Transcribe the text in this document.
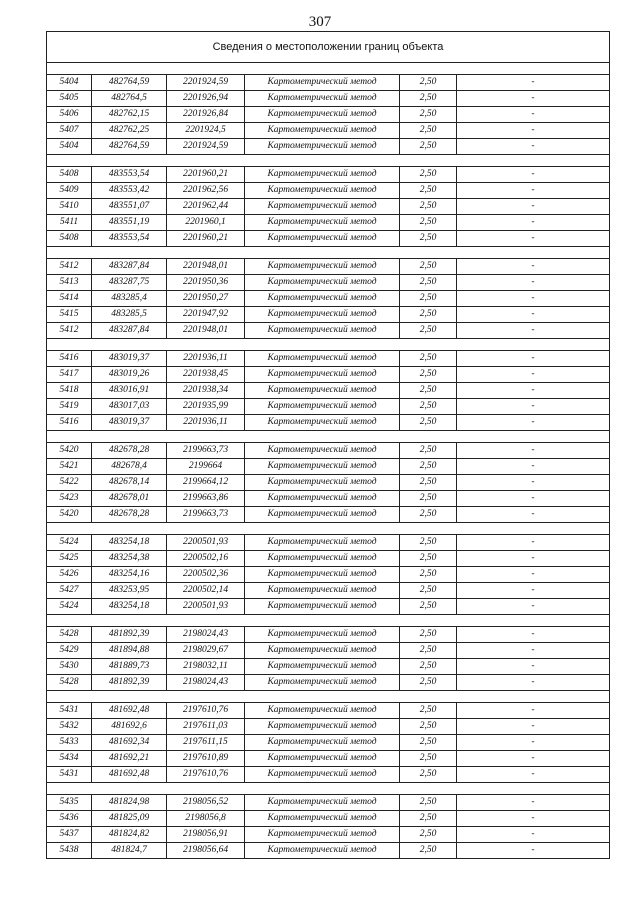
307
Сведения о местоположении границ объекта
5404	482764,59	2201924,59	Картометрический метод	2,50	-
5405	482764,5	2201926,94	Картометрический метод	2,50	-
5406	482762,15	2201926,84	Картометрический метод	2,50	-
5407	482762,25	2201924,5	Картометрический метод	2,50	-
5404	482764,59	2201924,59	Картометрический метод	2,50	-
5408	483553,54	2201960,21	Картометрический метод	2,50	-
5409	483553,42	2201962,56	Картометрический метод	2,50	-
5410	483551,07	2201962,44	Картометрический метод	2,50	-
5411	483551,19	2201960,1	Картометрический метод	2,50	-
5408	483553,54	2201960,21	Картометрический метод	2,50	-
5412	483287,84	2201948,01	Картометрический метод	2,50	-
5413	483287,75	2201950,36	Картометрический метод	2,50	-
5414	483285,4	2201950,27	Картометрический метод	2,50	-
5415	483285,5	2201947,92	Картометрический метод	2,50	-
5412	483287,84	2201948,01	Картометрический метод	2,50	-
5416	483019,37	2201936,11	Картометрический метод	2,50	-
5417	483019,26	2201938,45	Картометрический метод	2,50	-
5418	483016,91	2201938,34	Картометрический метод	2,50	-
5419	483017,03	2201935,99	Картометрический метод	2,50	-
5416	483019,37	2201936,11	Картометрический метод	2,50	-
5420	482678,28	2199663,73	Картометрический метод	2,50	-
5421	482678,4	2199664	Картометрический метод	2,50	-
5422	482678,14	2199664,12	Картометрический метод	2,50	-
5423	482678,01	2199663,86	Картометрический метод	2,50	-
5420	482678,28	2199663,73	Картометрический метод	2,50	-
5424	483254,18	2200501,93	Картометрический метод	2,50	-
5425	483254,38	2200502,16	Картометрический метод	2,50	-
5426	483254,16	2200502,36	Картометрический метод	2,50	-
5427	483253,95	2200502,14	Картометрический метод	2,50	-
5424	483254,18	2200501,93	Картометрический метод	2,50	-
5428	481892,39	2198024,43	Картометрический метод	2,50	-
5429	481894,88	2198029,67	Картометрический метод	2,50	-
5430	481889,73	2198032,11	Картометрический метод	2,50	-
5428	481892,39	2198024,43	Картометрический метод	2,50	-
5431	481692,48	2197610,76	Картометрический метод	2,50	-
5432	481692,6	2197611,03	Картометрический метод	2,50	-
5433	481692,34	2197611,15	Картометрический метод	2,50	-
5434	481692,21	2197610,89	Картометрический метод	2,50	-
5431	481692,48	2197610,76	Картометрический метод	2,50	-
5435	481824,98	2198056,52	Картометрический метод	2,50	-
5436	481825,09	2198056,8	Картометрический метод	2,50	-
5437	481824,82	2198056,91	Картометрический метод	2,50	-
5438	481824,7	2198056,64	Картометрический метод	2,50	-
